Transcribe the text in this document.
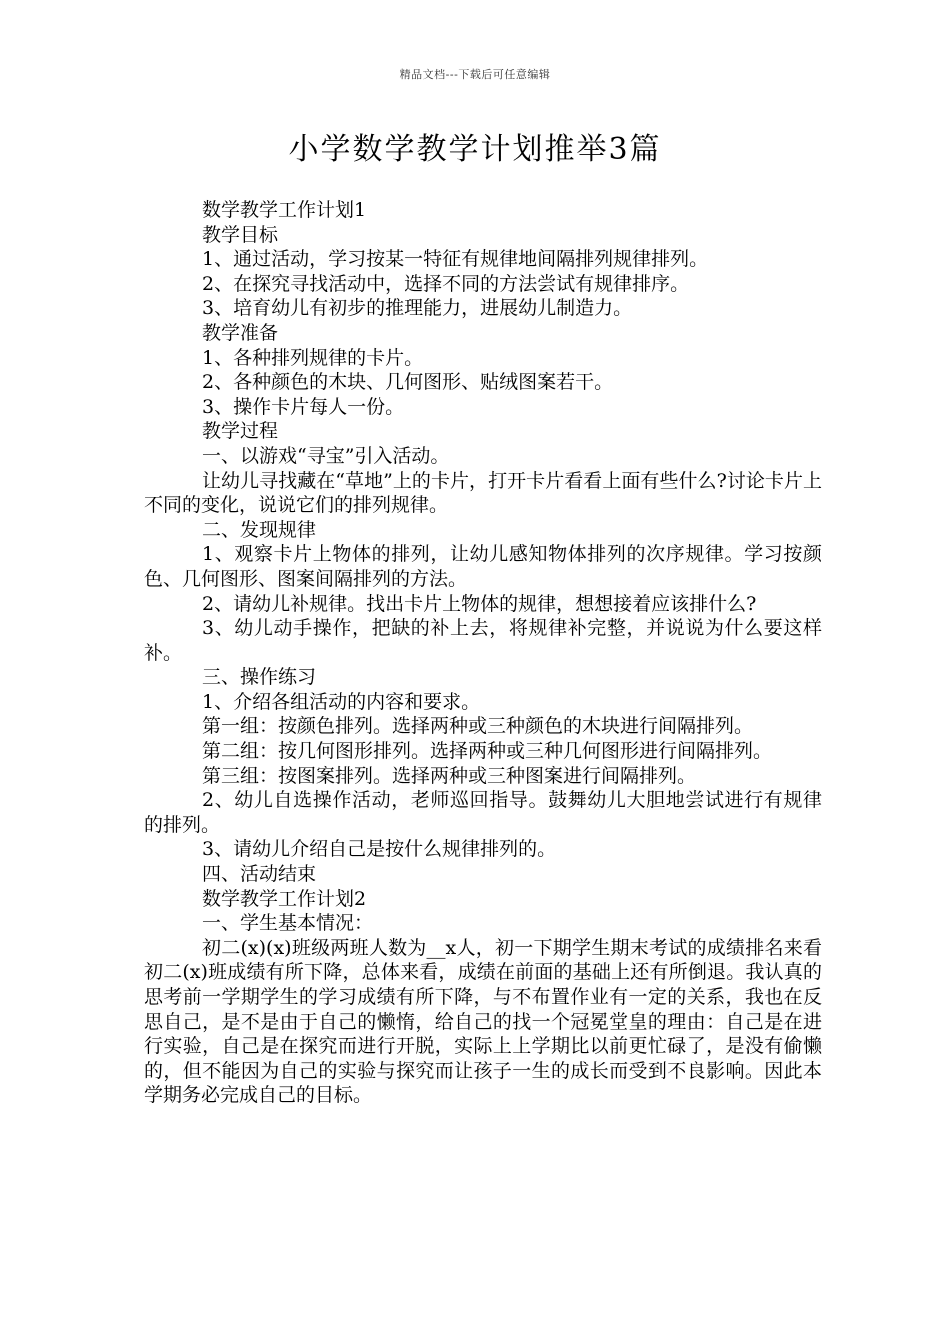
精品文档---下载后可任意编辑
小学数学教学计划推举3篇

数学教学工作计划1

教学目标

1、通过活动，学习按某一特征有规律地间隔排列规律排列。

2、在探究寻找活动中，选择不同的方法尝试有规律排序。

3、培育幼儿有初步的推理能力，进展幼儿制造力。

教学准备

1、各种排列规律的卡片。

2、各种颜色的木块、几何图形、贴绒图案若干。

3、操作卡片每人一份。

教学过程

一、以游戏“寻宝”引入活动。

让幼儿寻找藏在“草地”上的卡片，打开卡片看看上面有些什么?讨论卡片上不同的变化，说说它们的排列规律。

二、发现规律

1、观察卡片上物体的排列，让幼儿感知物体排列的次序规律。学习按颜色、几何图形、图案间隔排列的方法。

2、请幼儿补规律。找出卡片上物体的规律，想想接着应该排什么?

3、幼儿动手操作，把缺的补上去，将规律补完整，并说说为什么要这样补。

三、操作练习

1、介绍各组活动的内容和要求。

第一组：按颜色排列。选择两种或三种颜色的木块进行间隔排列。

第二组：按几何图形排列。选择两种或三种几何图形进行间隔排列。

第三组：按图案排列。选择两种或三种图案进行间隔排列。

2、幼儿自选操作活动，老师巡回指导。鼓舞幼儿大胆地尝试进行有规律的排列。

3、请幼儿介绍自己是按什么规律排列的。

四、活动结束

数学教学工作计划2

一、学生基本情况：

初二(x)(x)班级两班人数为__x人，初一下期学生期末考试的成绩排名来看初二(x)班成绩有所下降，总体来看，成绩在前面的基础上还有所倒退。我认真的思考前一学期学生的学习成绩有所下降，与不布置作业有一定的关系，我也在反思自己，是不是由于自己的懒惰，给自己的找一个冠冕堂皇的理由：自己是在进行实验，自己是在探究而进行开脱，实际上上学期比以前更忙碌了，是没有偷懒的，但不能因为自己的实验与探究而让孩子一生的成长而受到不良影响。因此本学期务必完成自己的目标。
